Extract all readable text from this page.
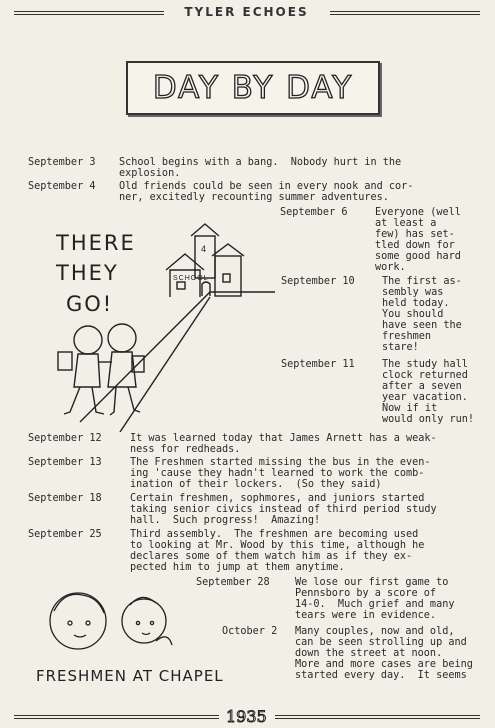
TYLER ECHOES
DAY BY DAY
September 3 School begins with a bang.  Nobody hurt in the
explosion.
September 4 Old friends could be seen in every nook and cor-
ner, excitedly recounting summer adventures.
September 6	Everyone (well
at least a
few) has set-
tled down for
some good hard
work.
September 10	The first as-
sembly was
held today.
You should
have seen the
freshmen
stare!
September 11	The study hall
clock returned
after a seven
year vacation.
Now if it
would only run!
September 12	It was learned today that James Arnett has a weak-
ness for redheads.
September 13	The Freshmen started missing the bus in the even-
ing 'cause they hadn't learned to work the comb-
ination of their lockers.  (So they said)
September 18	Certain freshmen, sophmores, and juniors started
taking senior civics instead of third period study
hall.  Such progress!  Amazing!
September 25	Third assembly.  The freshmen are becoming used
to looking at Mr. Wood by this time, although he
declares some of them watch him as if they ex-
pected him to jump at them anytime.
September 28 We lose our first game to
Pennsboro by a score of
14-0.  Much grief and many
tears were in evidence.
October 2 Many couples, now and old,
can be seen strolling up and
down the street at noon.
More and more cases are being
started every day.  It seems
THERE
THEY
GO!
SCHOOL
4
FRESHMEN AT CHAPEL
1935
